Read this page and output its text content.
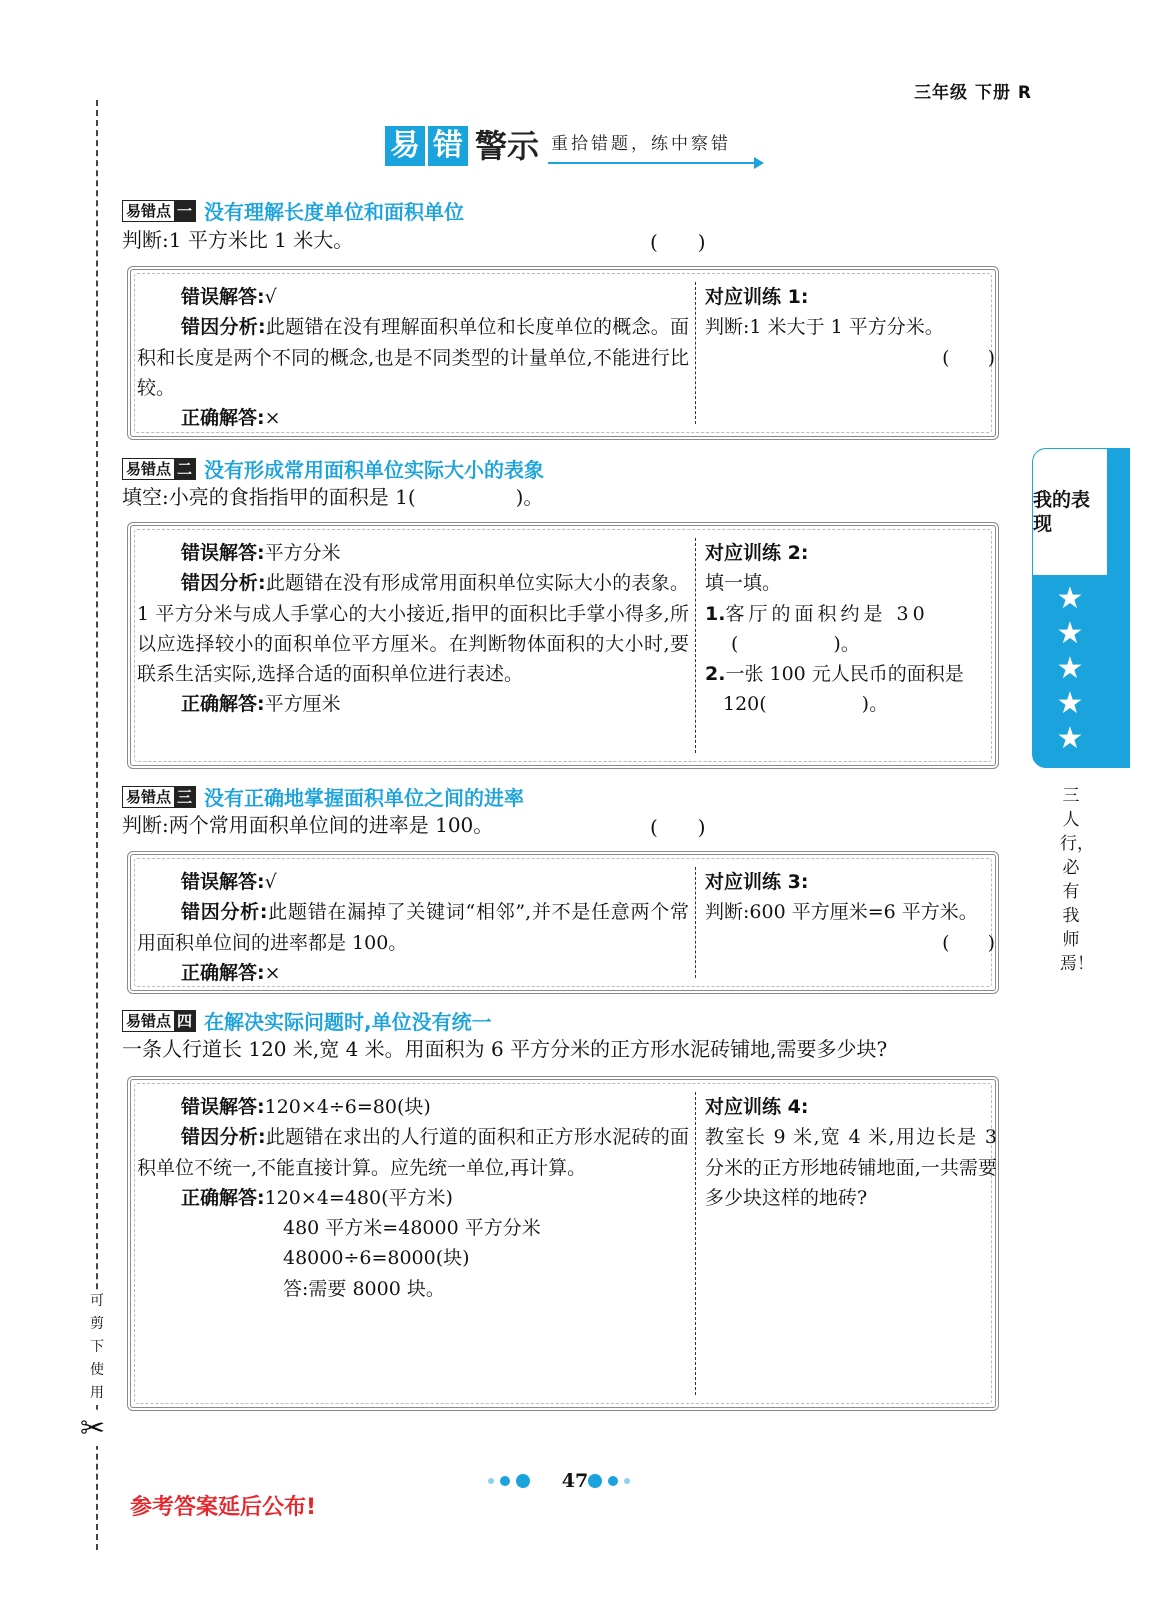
三年级 下册 R
易 错 警示 重拾错题，练中察错
可剪下使用
✂
我的表现
★
★
★
★
★
三人行，必有我师焉！
易错点 一 没有理解长度单位和面积单位
判断:1 平方米比 1 米大。	(　　)
错误解答:√
错因分析:此题错在没有理解面积单位和长度单位的概念。面积和长度是两个不同的概念,也是不同类型的计量单位,不能进行比较。
正确解答:×
对应训练 1:
判断:1 米大于 1 平方分米。
(　　)
易错点 二 没有形成常用面积单位实际大小的表象
填空:小亮的食指指甲的面积是 1(　　　　　)。
错误解答:平方分米
错因分析:此题错在没有形成常用面积单位实际大小的表象。1 平方分米与成人手掌心的大小接近,指甲的面积比手掌小得多,所以应选择较小的面积单位平方厘米。在判断物体面积的大小时,要联系生活实际,选择合适的面积单位进行表述。
正确解答:平方厘米
对应训练 2:
填一填。
1.客厅的面积约是 30
(　　　　　)。
2.一张 100 元人民币的面积是
120(　　　　　)。
易错点 三 没有正确地掌握面积单位之间的进率
判断:两个常用面积单位间的进率是 100。	(　　)
错误解答:√
错因分析:此题错在漏掉了关键词“相邻”,并不是任意两个常用面积单位间的进率都是 100。
正确解答:×
对应训练 3:
判断:600 平方厘米=6 平方米。
(　　)
易错点 四 在解决实际问题时,单位没有统一
一条人行道长 120 米,宽 4 米。用面积为 6 平方分米的正方形水泥砖铺地,需要多少块?
错误解答:120×4÷6=80(块)
错因分析:此题错在求出的人行道的面积和正方形水泥砖的面积单位不统一,不能直接计算。应先统一单位,再计算。
正确解答:120×4=480(平方米)
480 平方米=48000 平方分米
48000÷6=8000(块)
答:需要 8000 块。
对应训练 4:
教室长 9 米,宽 4 米,用边长是 3 分米的正方形地砖铺地面,一共需要多少块这样的地砖?
47
参考答案延后公布!
